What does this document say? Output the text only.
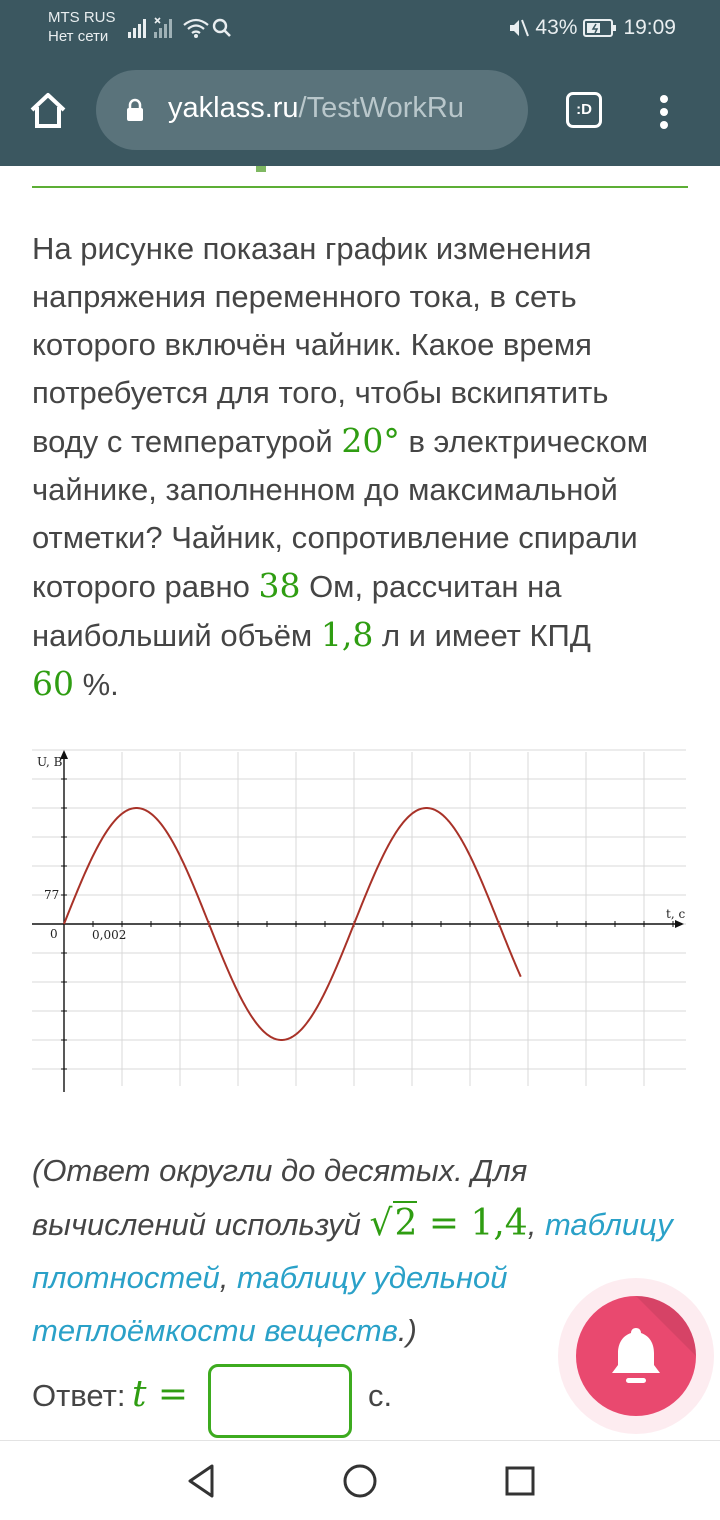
MTS RUS
Нет сети	43% 19:09
yaklass.ru/TestWorkRu	:D
На рисунке показан график изменения напряжения переменного тока, в сеть которого включён чайник. Какое время потребуется для того, чтобы вскипятить воду с температурой 20° в электрическом чайнике, заполненном до максимальной отметки? Чайник, сопротивление спирали которого равно 38 Ом, рассчитан на наибольший объём 1,8 л и имеет КПД
60 %.
U, B
t, c
0	0,002
77
(Ответ округли до десятых. Для вычислений используй √2 = 1,4, таблицу плотностей, таблицу удельной теплоёмкости веществ.)
Ответ: t =	с.
